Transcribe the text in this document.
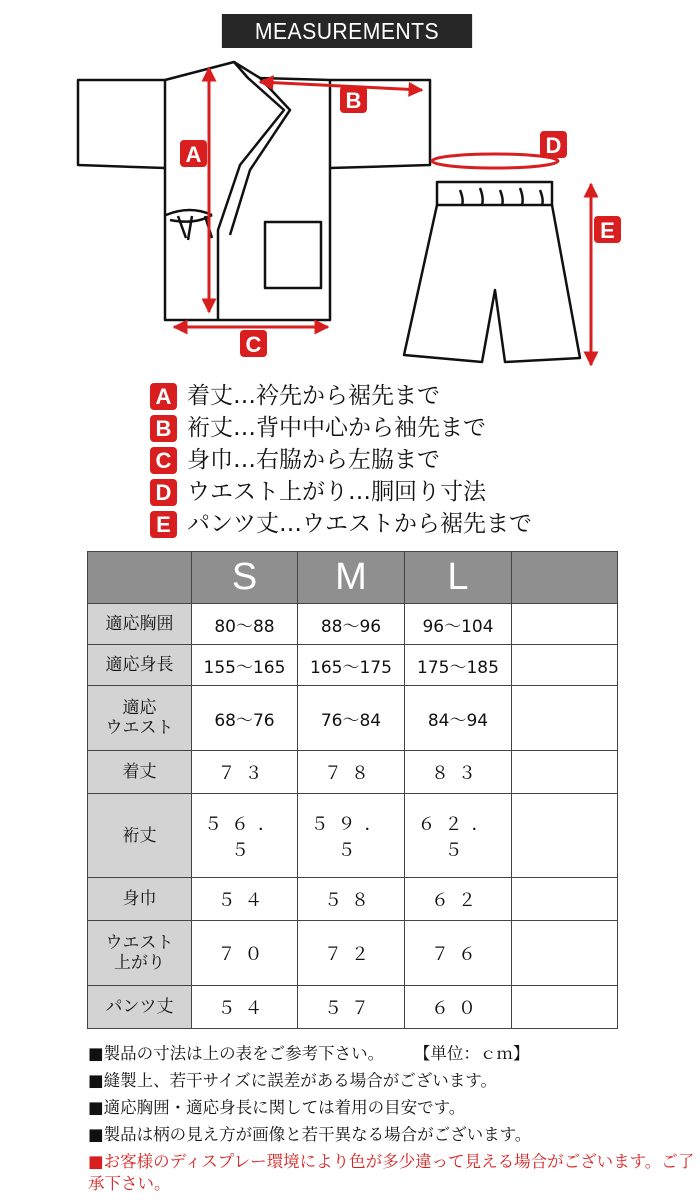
MEASUREMENTS
A
B
C
D
E
A 着丈…衿先から裾先まで
B 裄丈…背中中心から袖先まで
C 身巾…右脇から左脇まで
D ウエスト上がり…胴回り寸法
E パンツ丈…ウエストから裾先まで
	S	M	L	
適応胸囲	80～88	88～96	96～104	
適応身長	155～165	165～175	175～185	
適応
ウエスト	68～76	76～84	84～94	
着丈	７３	７８	８３	
裄丈	５６．５	５９．５	６２．５	
身巾	５４	５８	６２	
ウエスト
上がり	７０	７２	７６	
パンツ丈	５４	５７	６０	
■製品の寸法は上の表をご参考下さい。 【単位：ｃｍ】
■縫製上、若干サイズに誤差がある場合がございます。
■適応胸囲・適応身長に関しては着用の目安です。
■製品は柄の見え方が画像と若干異なる場合がございます。
■お客様のディスプレー環境により色が多少違って見える場合がございます。ご了承下さい。
